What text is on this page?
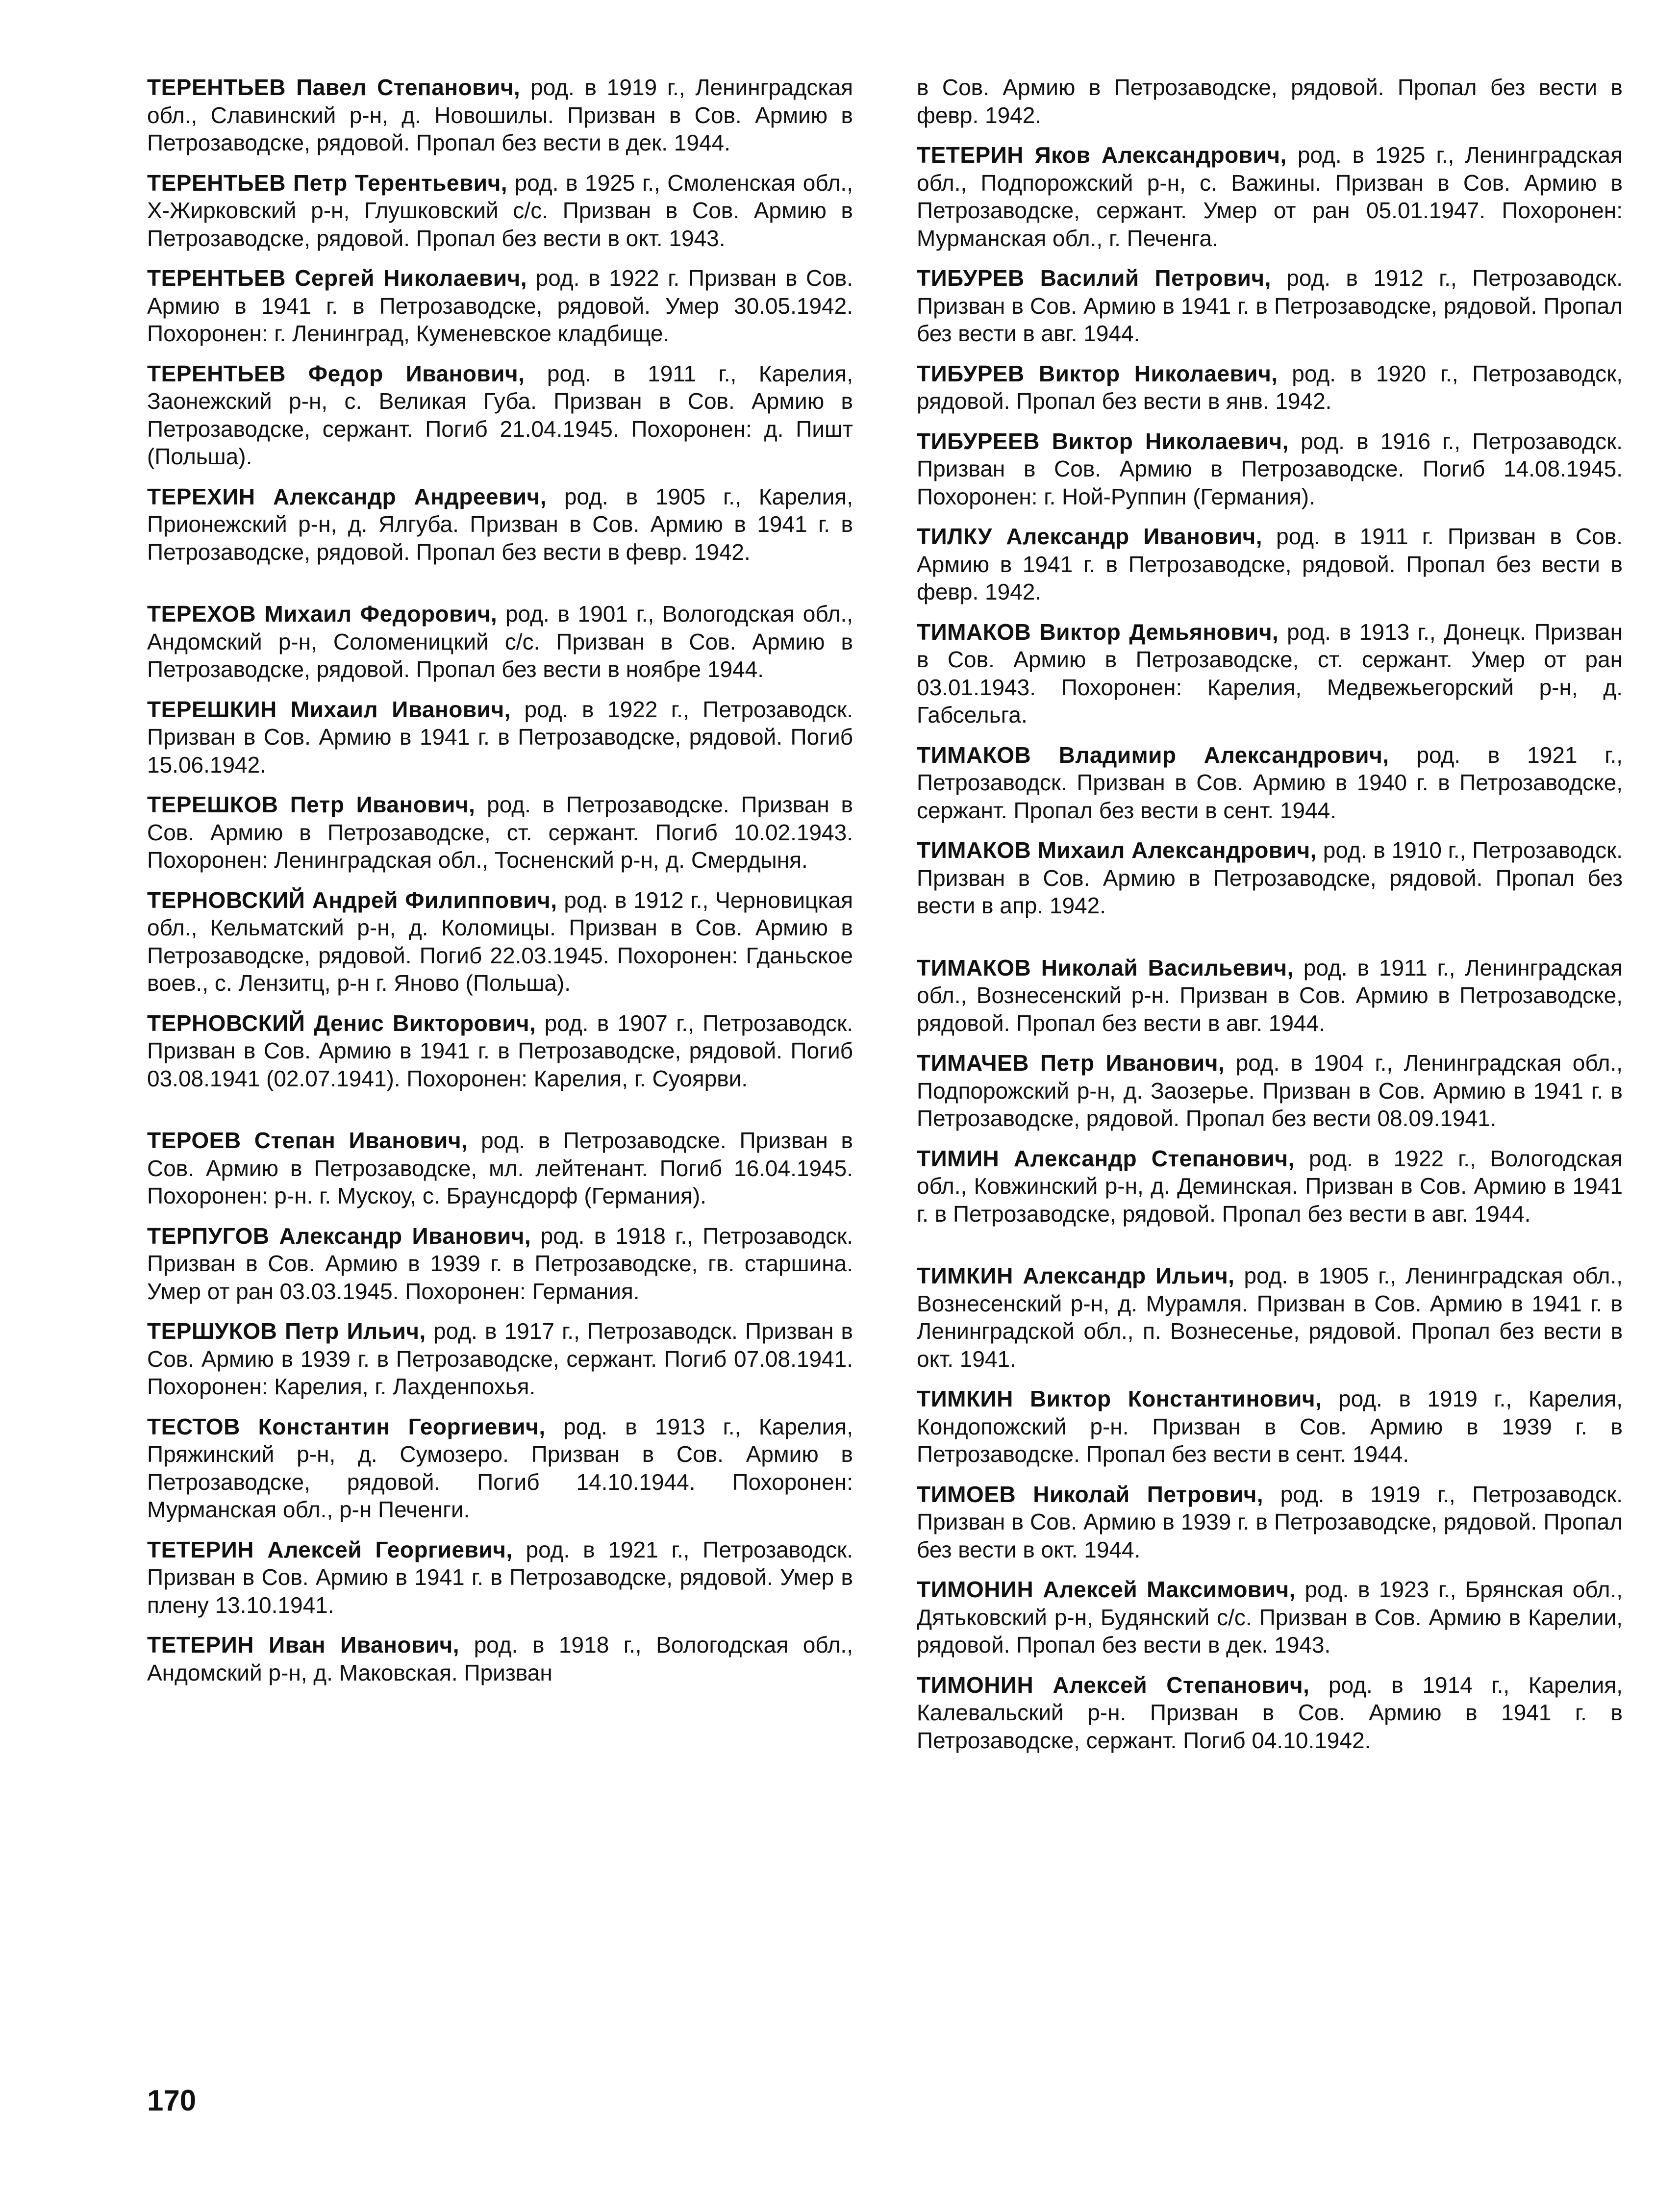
ТЕРЕНТЬЕВ Павел Степанович, род. в 1919 г., Ленинградская обл., Славинский р-н, д. Новошилы. Призван в Сов. Армию в Петрозаводске, рядовой. Пропал без вести в дек. 1944.

ТЕРЕНТЬЕВ Петр Терентьевич, род. в 1925 г., Смоленская обл., Х-Жирковский р-н, Глушковский с/с. Призван в Сов. Армию в Петрозаводске, рядовой. Пропал без вести в окт. 1943.

ТЕРЕНТЬЕВ Сергей Николаевич, род. в 1922 г. Призван в Сов. Армию в 1941 г. в Петрозаводске, рядовой. Умер 30.05.1942. Похоронен: г. Ленинград, Куменевское кладбище.

ТЕРЕНТЬЕВ Федор Иванович, род. в 1911 г., Карелия, Заонежский р-н, с. Великая Губа. Призван в Сов. Армию в Петрозаводске, сержант. Погиб 21.04.1945. Похоронен: д. Пишт (Польша).

ТЕРЕХИН Александр Андреевич, род. в 1905 г., Карелия, Прионежский р-н, д. Ялгуба. Призван в Сов. Армию в 1941 г. в Петрозаводске, рядовой. Пропал без вести в февр. 1942.

ТЕРЕХОВ Михаил Федорович, род. в 1901 г., Вологодская обл., Андомский р-н, Соломеницкий с/с. Призван в Сов. Армию в Петрозаводске, рядовой. Пропал без вести в ноябре 1944.

ТЕРЕШКИН Михаил Иванович, род. в 1922 г., Петрозаводск. Призван в Сов. Армию в 1941 г. в Петрозаводске, рядовой. Погиб 15.06.1942.

ТЕРЕШКОВ Петр Иванович, род. в Петрозаводске. Призван в Сов. Армию в Петрозаводске, ст. сержант. Погиб 10.02.1943. Похоронен: Ленинградская обл., Тосненский р-н, д. Смердыня.

ТЕРНОВСКИЙ Андрей Филиппович, род. в 1912 г., Черновицкая обл., Кельматский р-н, д. Коломицы. Призван в Сов. Армию в Петрозаводске, рядовой. Погиб 22.03.1945. Похоронен: Гданьское воев., с. Лензитц, р-н г. Яново (Польша).

ТЕРНОВСКИЙ Денис Викторович, род. в 1907 г., Петрозаводск. Призван в Сов. Армию в 1941 г. в Петрозаводске, рядовой. Погиб 03.08.1941 (02.07.1941). Похоронен: Карелия, г. Суоярви.

ТЕРОЕВ Степан Иванович, род. в Петрозаводске. Призван в Сов. Армию в Петрозаводске, мл. лейтенант. Погиб 16.04.1945. Похоронен: р-н. г. Мускоу, с. Браунсдорф (Германия).

ТЕРПУГОВ Александр Иванович, род. в 1918 г., Петрозаводск. Призван в Сов. Армию в 1939 г. в Петрозаводске, гв. старшина. Умер от ран 03.03.1945. Похоронен: Германия.

ТЕРШУКОВ Петр Ильич, род. в 1917 г., Петрозаводск. Призван в Сов. Армию в 1939 г. в Петрозаводске, сержант. Погиб 07.08.1941. Похоронен: Карелия, г. Лахденпохья.

ТЕСТОВ Константин Георгиевич, род. в 1913 г., Карелия, Пряжинский р-н, д. Сумозеро. Призван в Сов. Армию в Петрозаводске, рядовой. Погиб 14.10.1944. Похоронен: Мурманская обл., р-н Печенги.

ТЕТЕРИН Алексей Георгиевич, род. в 1921 г., Петрозаводск. Призван в Сов. Армию в 1941 г. в Петрозаводске, рядовой. Умер в плену 13.10.1941.

ТЕТЕРИН Иван Иванович, род. в 1918 г., Вологодская обл., Андомский р-н, д. Маковская. Призван

в Сов. Армию в Петрозаводске, рядовой. Пропал без вести в февр. 1942.

ТЕТЕРИН Яков Александрович, род. в 1925 г., Ленинградская обл., Подпорожский р-н, с. Важины. Призван в Сов. Армию в Петрозаводске, сержант. Умер от ран 05.01.1947. Похоронен: Мурманская обл., г. Печенга.

ТИБУРЕВ Василий Петрович, род. в 1912 г., Петрозаводск. Призван в Сов. Армию в 1941 г. в Петрозаводске, рядовой. Пропал без вести в авг. 1944.

ТИБУРЕВ Виктор Николаевич, род. в 1920 г., Петрозаводск, рядовой. Пропал без вести в янв. 1942.

ТИБУРЕЕВ Виктор Николаевич, род. в 1916 г., Петрозаводск. Призван в Сов. Армию в Петрозаводске. Погиб 14.08.1945. Похоронен: г. Ной-Руппин (Германия).

ТИЛКУ Александр Иванович, род. в 1911 г. Призван в Сов. Армию в 1941 г. в Петрозаводске, рядовой. Пропал без вести в февр. 1942.

ТИМАКОВ Виктор Демьянович, род. в 1913 г., Донецк. Призван в Сов. Армию в Петрозаводске, ст. сержант. Умер от ран 03.01.1943. Похоронен: Карелия, Медвежьегорский р-н, д. Габсельга.

ТИМАКОВ Владимир Александрович, род. в 1921 г., Петрозаводск. Призван в Сов. Армию в 1940 г. в Петрозаводске, сержант. Пропал без вести в сент. 1944.

ТИМАКОВ Михаил Александрович, род. в 1910 г., Петрозаводск. Призван в Сов. Армию в Петрозаводске, рядовой. Пропал без вести в апр. 1942.

ТИМАКОВ Николай Васильевич, род. в 1911 г., Ленинградская обл., Вознесенский р-н. Призван в Сов. Армию в Петрозаводске, рядовой. Пропал без вести в авг. 1944.

ТИМАЧЕВ Петр Иванович, род. в 1904 г., Ленинградская обл., Подпорожский р-н, д. Заозерье. Призван в Сов. Армию в 1941 г. в Петрозаводске, рядовой. Пропал без вести 08.09.1941.

ТИМИН Александр Степанович, род. в 1922 г., Вологодская обл., Ковжинский р-н, д. Деминская. Призван в Сов. Армию в 1941 г. в Петрозаводске, рядовой. Пропал без вести в авг. 1944.

ТИМКИН Александр Ильич, род. в 1905 г., Ленинградская обл., Вознесенский р-н, д. Мурамля. Призван в Сов. Армию в 1941 г. в Ленинградской обл., п. Вознесенье, рядовой. Пропал без вести в окт. 1941.

ТИМКИН Виктор Константинович, род. в 1919 г., Карелия, Кондопожский р-н. Призван в Сов. Армию в 1939 г. в Петрозаводске. Пропал без вести в сент. 1944.

ТИМОЕВ Николай Петрович, род. в 1919 г., Петрозаводск. Призван в Сов. Армию в 1939 г. в Петрозаводске, рядовой. Пропал без вести в окт. 1944.

ТИМОНИН Алексей Максимович, род. в 1923 г., Брянская обл., Дятьковский р-н, Будянский с/с. Призван в Сов. Армию в Карелии, рядовой. Пропал без вести в дек. 1943.

ТИМОНИН Алексей Степанович, род. в 1914 г., Карелия, Калевальский р-н. Призван в Сов. Армию в 1941 г. в Петрозаводске, сержант. Погиб 04.10.1942.

170
